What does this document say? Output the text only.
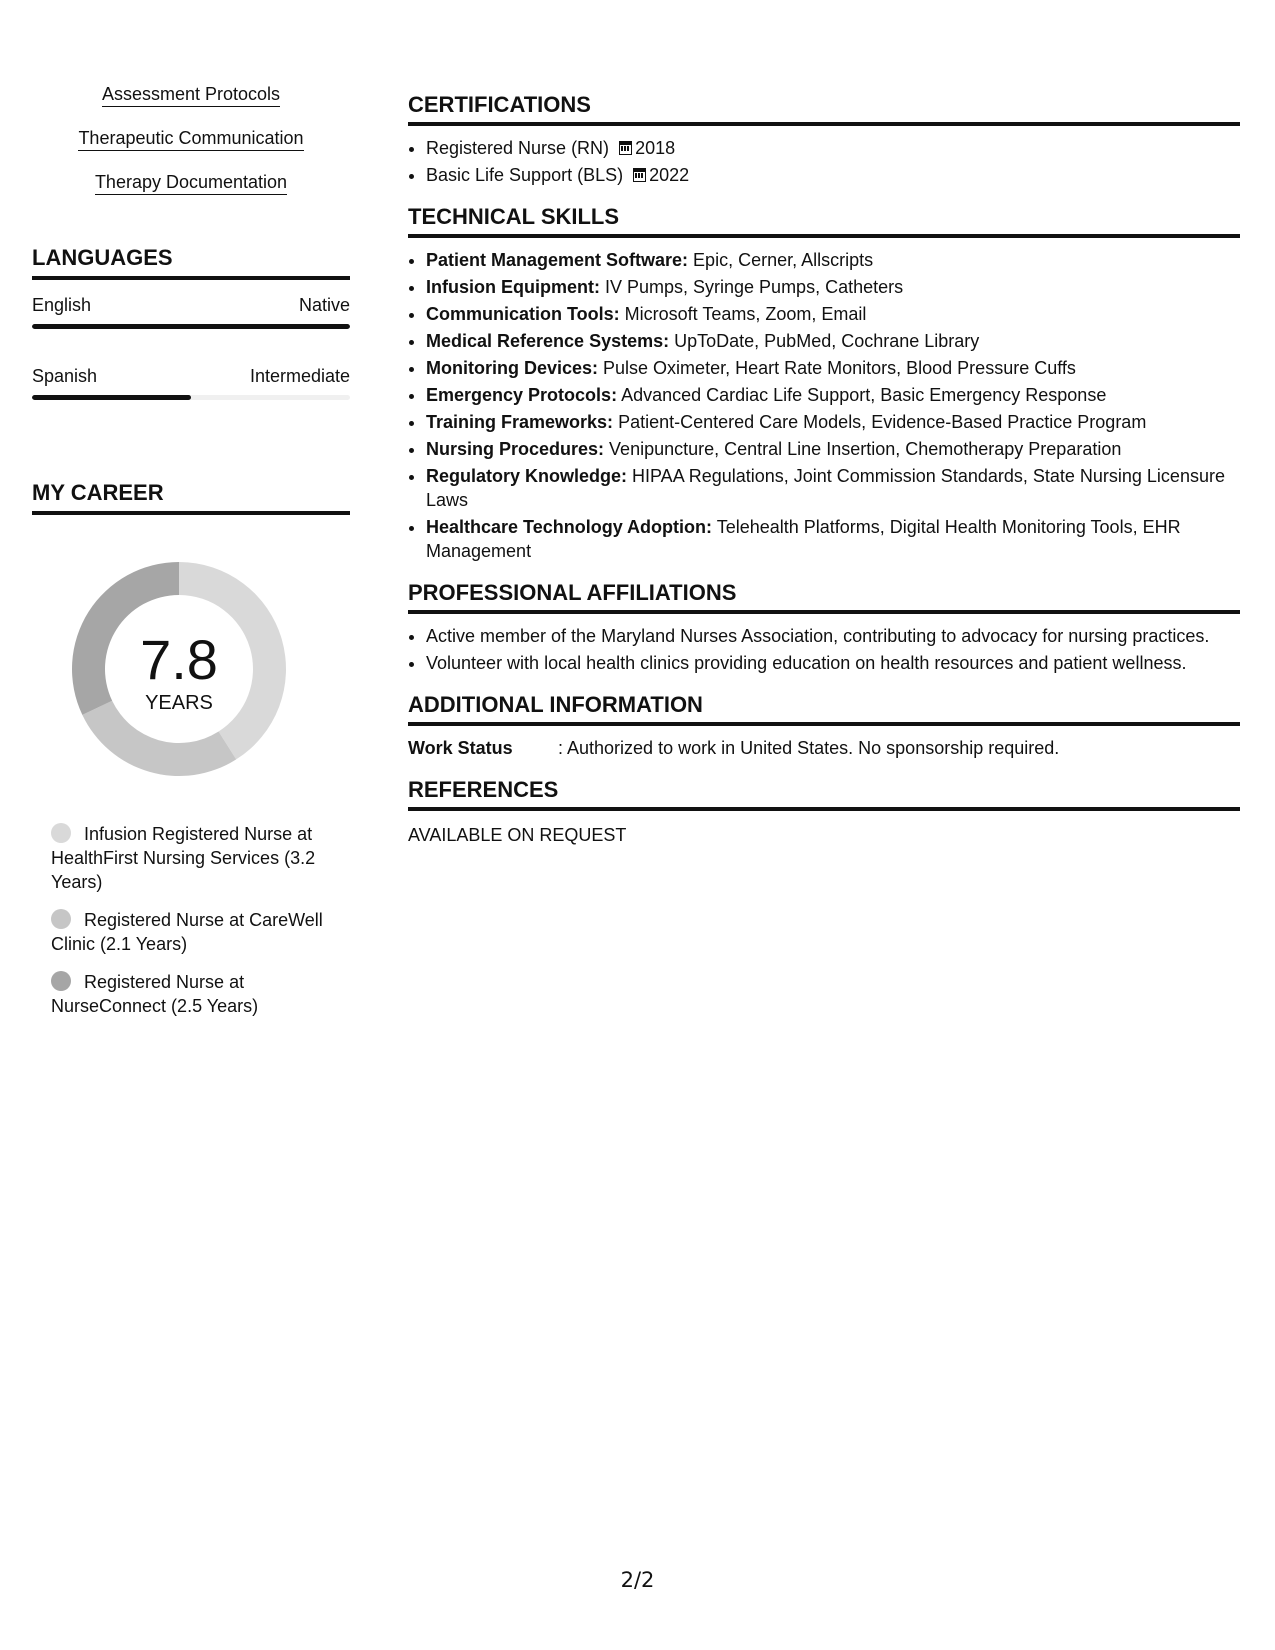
Assessment Protocols
Therapeutic Communication
Therapy Documentation
LANGUAGES
English	Native
Spanish	Intermediate
MY CAREER
7.8
YEARS
Infusion Registered Nurse at HealthFirst Nursing Services (3.2 Years)
Registered Nurse at CareWell Clinic (2.1 Years)
Registered Nurse at NurseConnect (2.5 Years)
CERTIFICATIONS
• Registered Nurse (RN) 2018
• Basic Life Support (BLS) 2022
TECHNICAL SKILLS
• Patient Management Software: Epic, Cerner, Allscripts
• Infusion Equipment: IV Pumps, Syringe Pumps, Catheters
• Communication Tools: Microsoft Teams, Zoom, Email
• Medical Reference Systems: UpToDate, PubMed, Cochrane Library
• Monitoring Devices: Pulse Oximeter, Heart Rate Monitors, Blood Pressure Cuffs
• Emergency Protocols: Advanced Cardiac Life Support, Basic Emergency Response
• Training Frameworks: Patient-Centered Care Models, Evidence-Based Practice Program
• Nursing Procedures: Venipuncture, Central Line Insertion, Chemotherapy Preparation
• Regulatory Knowledge: HIPAA Regulations, Joint Commission Standards, State Nursing Licensure Laws
• Healthcare Technology Adoption: Telehealth Platforms, Digital Health Monitoring Tools, EHR Management
PROFESSIONAL AFFILIATIONS
• Active member of the Maryland Nurses Association, contributing to advocacy for nursing practices.
• Volunteer with local health clinics providing education on health resources and patient wellness.
ADDITIONAL INFORMATION
Work Status	: Authorized to work in United States. No sponsorship required.
REFERENCES
AVAILABLE ON REQUEST
2/2
